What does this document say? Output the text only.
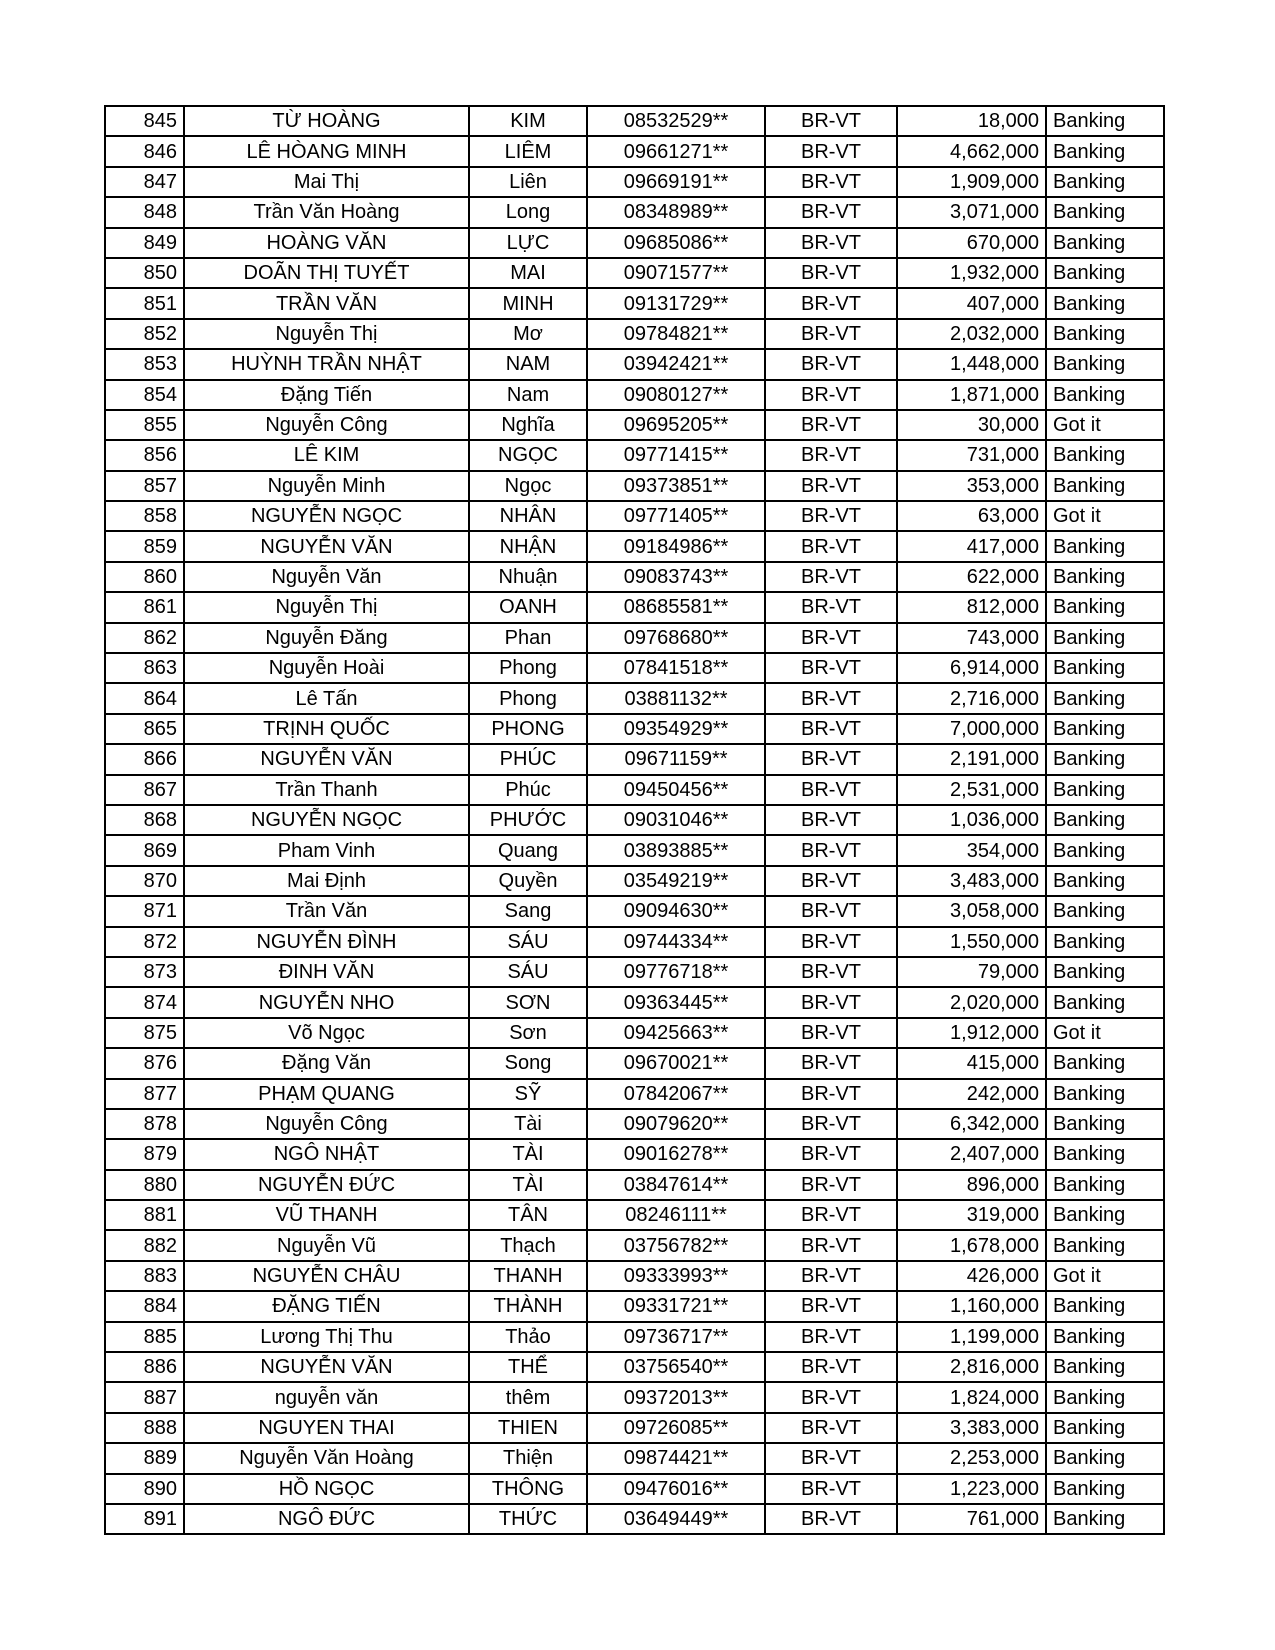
845	TỪ HOÀNG	KIM	08532529**	BR-VT	18,000	Banking
846	LÊ HÒANG MINH	LIÊM	09661271**	BR-VT	4,662,000	Banking
847	Mai Thị	Liên	09669191**	BR-VT	1,909,000	Banking
848	Trần Văn Hoàng	Long	08348989**	BR-VT	3,071,000	Banking
849	HOÀNG VĂN	LỰC	09685086**	BR-VT	670,000	Banking
850	DOÃN THỊ TUYẾT	MAI	09071577**	BR-VT	1,932,000	Banking
851	TRẦN VĂN	MINH	09131729**	BR-VT	407,000	Banking
852	Nguyễn Thị	Mơ	09784821**	BR-VT	2,032,000	Banking
853	HUỲNH TRẦN NHẬT	NAM	03942421**	BR-VT	1,448,000	Banking
854	Đặng Tiến	Nam	09080127**	BR-VT	1,871,000	Banking
855	Nguyễn Công	Nghĩa	09695205**	BR-VT	30,000	Got it
856	LÊ KIM	NGỌC	09771415**	BR-VT	731,000	Banking
857	Nguyễn Minh	Ngọc	09373851**	BR-VT	353,000	Banking
858	NGUYỄN NGỌC	NHÂN	09771405**	BR-VT	63,000	Got it
859	NGUYỄN VĂN	NHẬN	09184986**	BR-VT	417,000	Banking
860	Nguyễn Văn	Nhuận	09083743**	BR-VT	622,000	Banking
861	Nguyễn Thị	OANH	08685581**	BR-VT	812,000	Banking
862	Nguyễn Đăng	Phan	09768680**	BR-VT	743,000	Banking
863	Nguyễn Hoài	Phong	07841518**	BR-VT	6,914,000	Banking
864	Lê Tấn	Phong	03881132**	BR-VT	2,716,000	Banking
865	TRỊNH QUỐC	PHONG	09354929**	BR-VT	7,000,000	Banking
866	NGUYỄN VĂN	PHÚC	09671159**	BR-VT	2,191,000	Banking
867	Trần Thanh	Phúc	09450456**	BR-VT	2,531,000	Banking
868	NGUYỄN NGỌC	PHƯỚC	09031046**	BR-VT	1,036,000	Banking
869	Pham Vinh	Quang	03893885**	BR-VT	354,000	Banking
870	Mai Định	Quyền	03549219**	BR-VT	3,483,000	Banking
871	Trần Văn	Sang	09094630**	BR-VT	3,058,000	Banking
872	NGUYỄN ĐÌNH	SÁU	09744334**	BR-VT	1,550,000	Banking
873	ĐINH VĂN	SÁU	09776718**	BR-VT	79,000	Banking
874	NGUYỄN NHO	SƠN	09363445**	BR-VT	2,020,000	Banking
875	Võ Ngọc	Sơn	09425663**	BR-VT	1,912,000	Got it
876	Đặng Văn	Song	09670021**	BR-VT	415,000	Banking
877	PHẠM QUANG	SỸ	07842067**	BR-VT	242,000	Banking
878	Nguyễn Công	Tài	09079620**	BR-VT	6,342,000	Banking
879	NGÔ NHẬT	TÀI	09016278**	BR-VT	2,407,000	Banking
880	NGUYỄN ĐỨC	TÀI	03847614**	BR-VT	896,000	Banking
881	VŨ THANH	TÂN	08246111**	BR-VT	319,000	Banking
882	Nguyễn Vũ	Thạch	03756782**	BR-VT	1,678,000	Banking
883	NGUYỄN CHÂU	THANH	09333993**	BR-VT	426,000	Got it
884	ĐẶNG TIẾN	THÀNH	09331721**	BR-VT	1,160,000	Banking
885	Lương Thị Thu	Thảo	09736717**	BR-VT	1,199,000	Banking
886	NGUYỄN VĂN	THỂ	03756540**	BR-VT	2,816,000	Banking
887	nguyễn văn	thêm	09372013**	BR-VT	1,824,000	Banking
888	NGUYEN THAI	THIEN	09726085**	BR-VT	3,383,000	Banking
889	Nguyễn Văn Hoàng	Thiện	09874421**	BR-VT	2,253,000	Banking
890	HỒ NGỌC	THÔNG	09476016**	BR-VT	1,223,000	Banking
891	NGÔ ĐỨC	THỨC	03649449**	BR-VT	761,000	Banking
